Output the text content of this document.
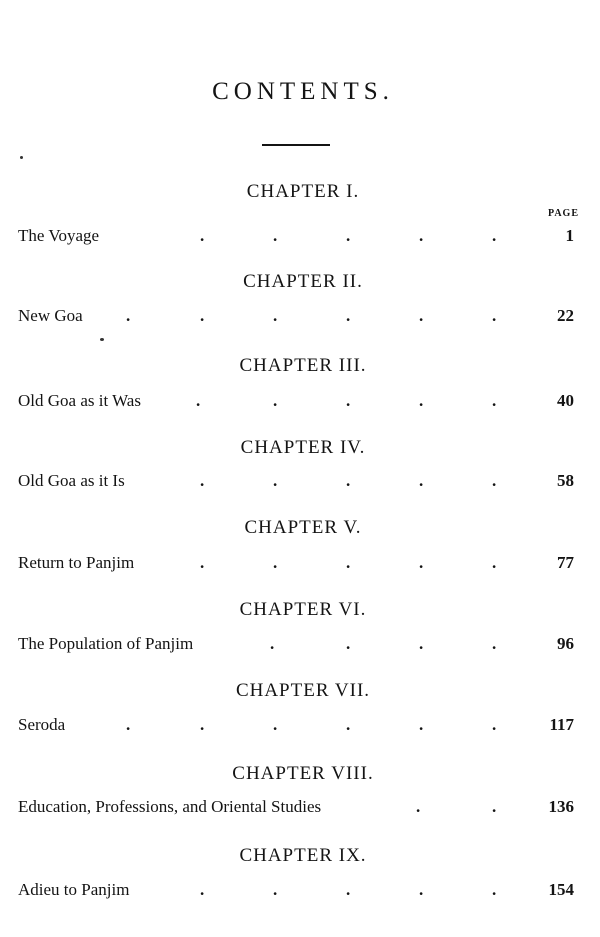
CONTENTS.
PAGE
CHAPTER I.
The Voyage	.	.	.	.	.	1
CHAPTER II.
New Goa	.	.	.	.	.	.	22
CHAPTER III.
Old Goa as it Was	.	.	.	.	.	40
CHAPTER IV.
Old Goa as it Is	.	.	.	.	.	58
CHAPTER V.
Return to Panjim	.	.	.	.	.	77
CHAPTER VI.
The Population of Panjim	.	.	.	.	96
CHAPTER VII.
Seroda	.	.	.	.	.	.	117
CHAPTER VIII.
Education, Professions, and Oriental Studies	.	.	136
CHAPTER IX.
Adieu to Panjim	.	.	.	.	.	154
